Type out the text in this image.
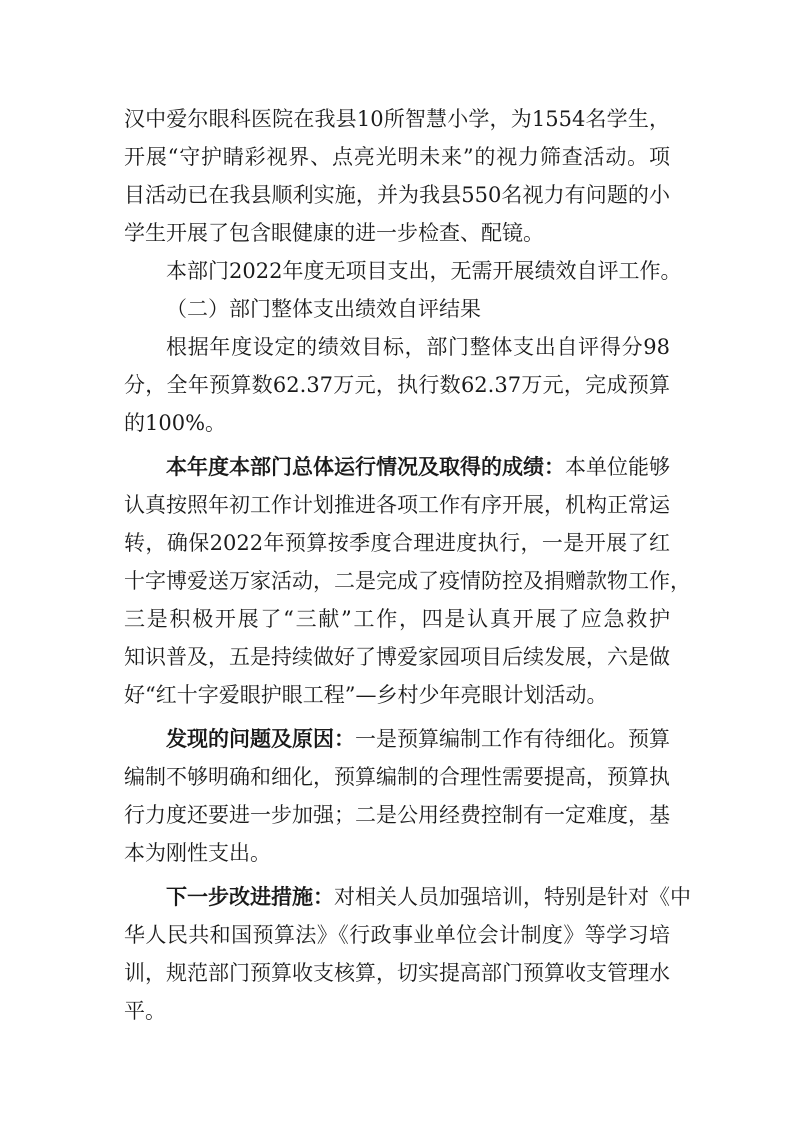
汉中爱尔眼科医院在我县10所智慧小学，为1554名学生，
开展“守护睛彩视界、点亮光明未来”的视力筛查活动。项
目活动已在我县顺利实施，并为我县550名视力有问题的小
学生开展了包含眼健康的进一步检查、配镜。
本部门2022年度无项目支出，无需开展绩效自评工作。
（二）部门整体支出绩效自评结果
根据年度设定的绩效目标，部门整体支出自评得分98
分，全年预算数62.37万元，执行数62.37万元，完成预算
的100%。
本年度本部门总体运行情况及取得的成绩：本单位能够
认真按照年初工作计划推进各项工作有序开展，机构正常运
转，确保2022年预算按季度合理进度执行，一是开展了红
十字博爱送万家活动，二是完成了疫情防控及捐赠款物工作，
三是积极开展了“三献”工作，四是认真开展了应急救护
知识普及，五是持续做好了博爱家园项目后续发展，六是做
好“红十字爱眼护眼工程”—乡村少年亮眼计划活动。
发现的问题及原因：一是预算编制工作有待细化。预算
编制不够明确和细化，预算编制的合理性需要提高，预算执
行力度还要进一步加强；二是公用经费控制有一定难度，基
本为刚性支出。
下一步改进措施：对相关人员加强培训，特别是针对《中
华人民共和国预算法》《行政事业单位会计制度》等学习培
训，规范部门预算收支核算，切实提高部门预算收支管理水
平。
